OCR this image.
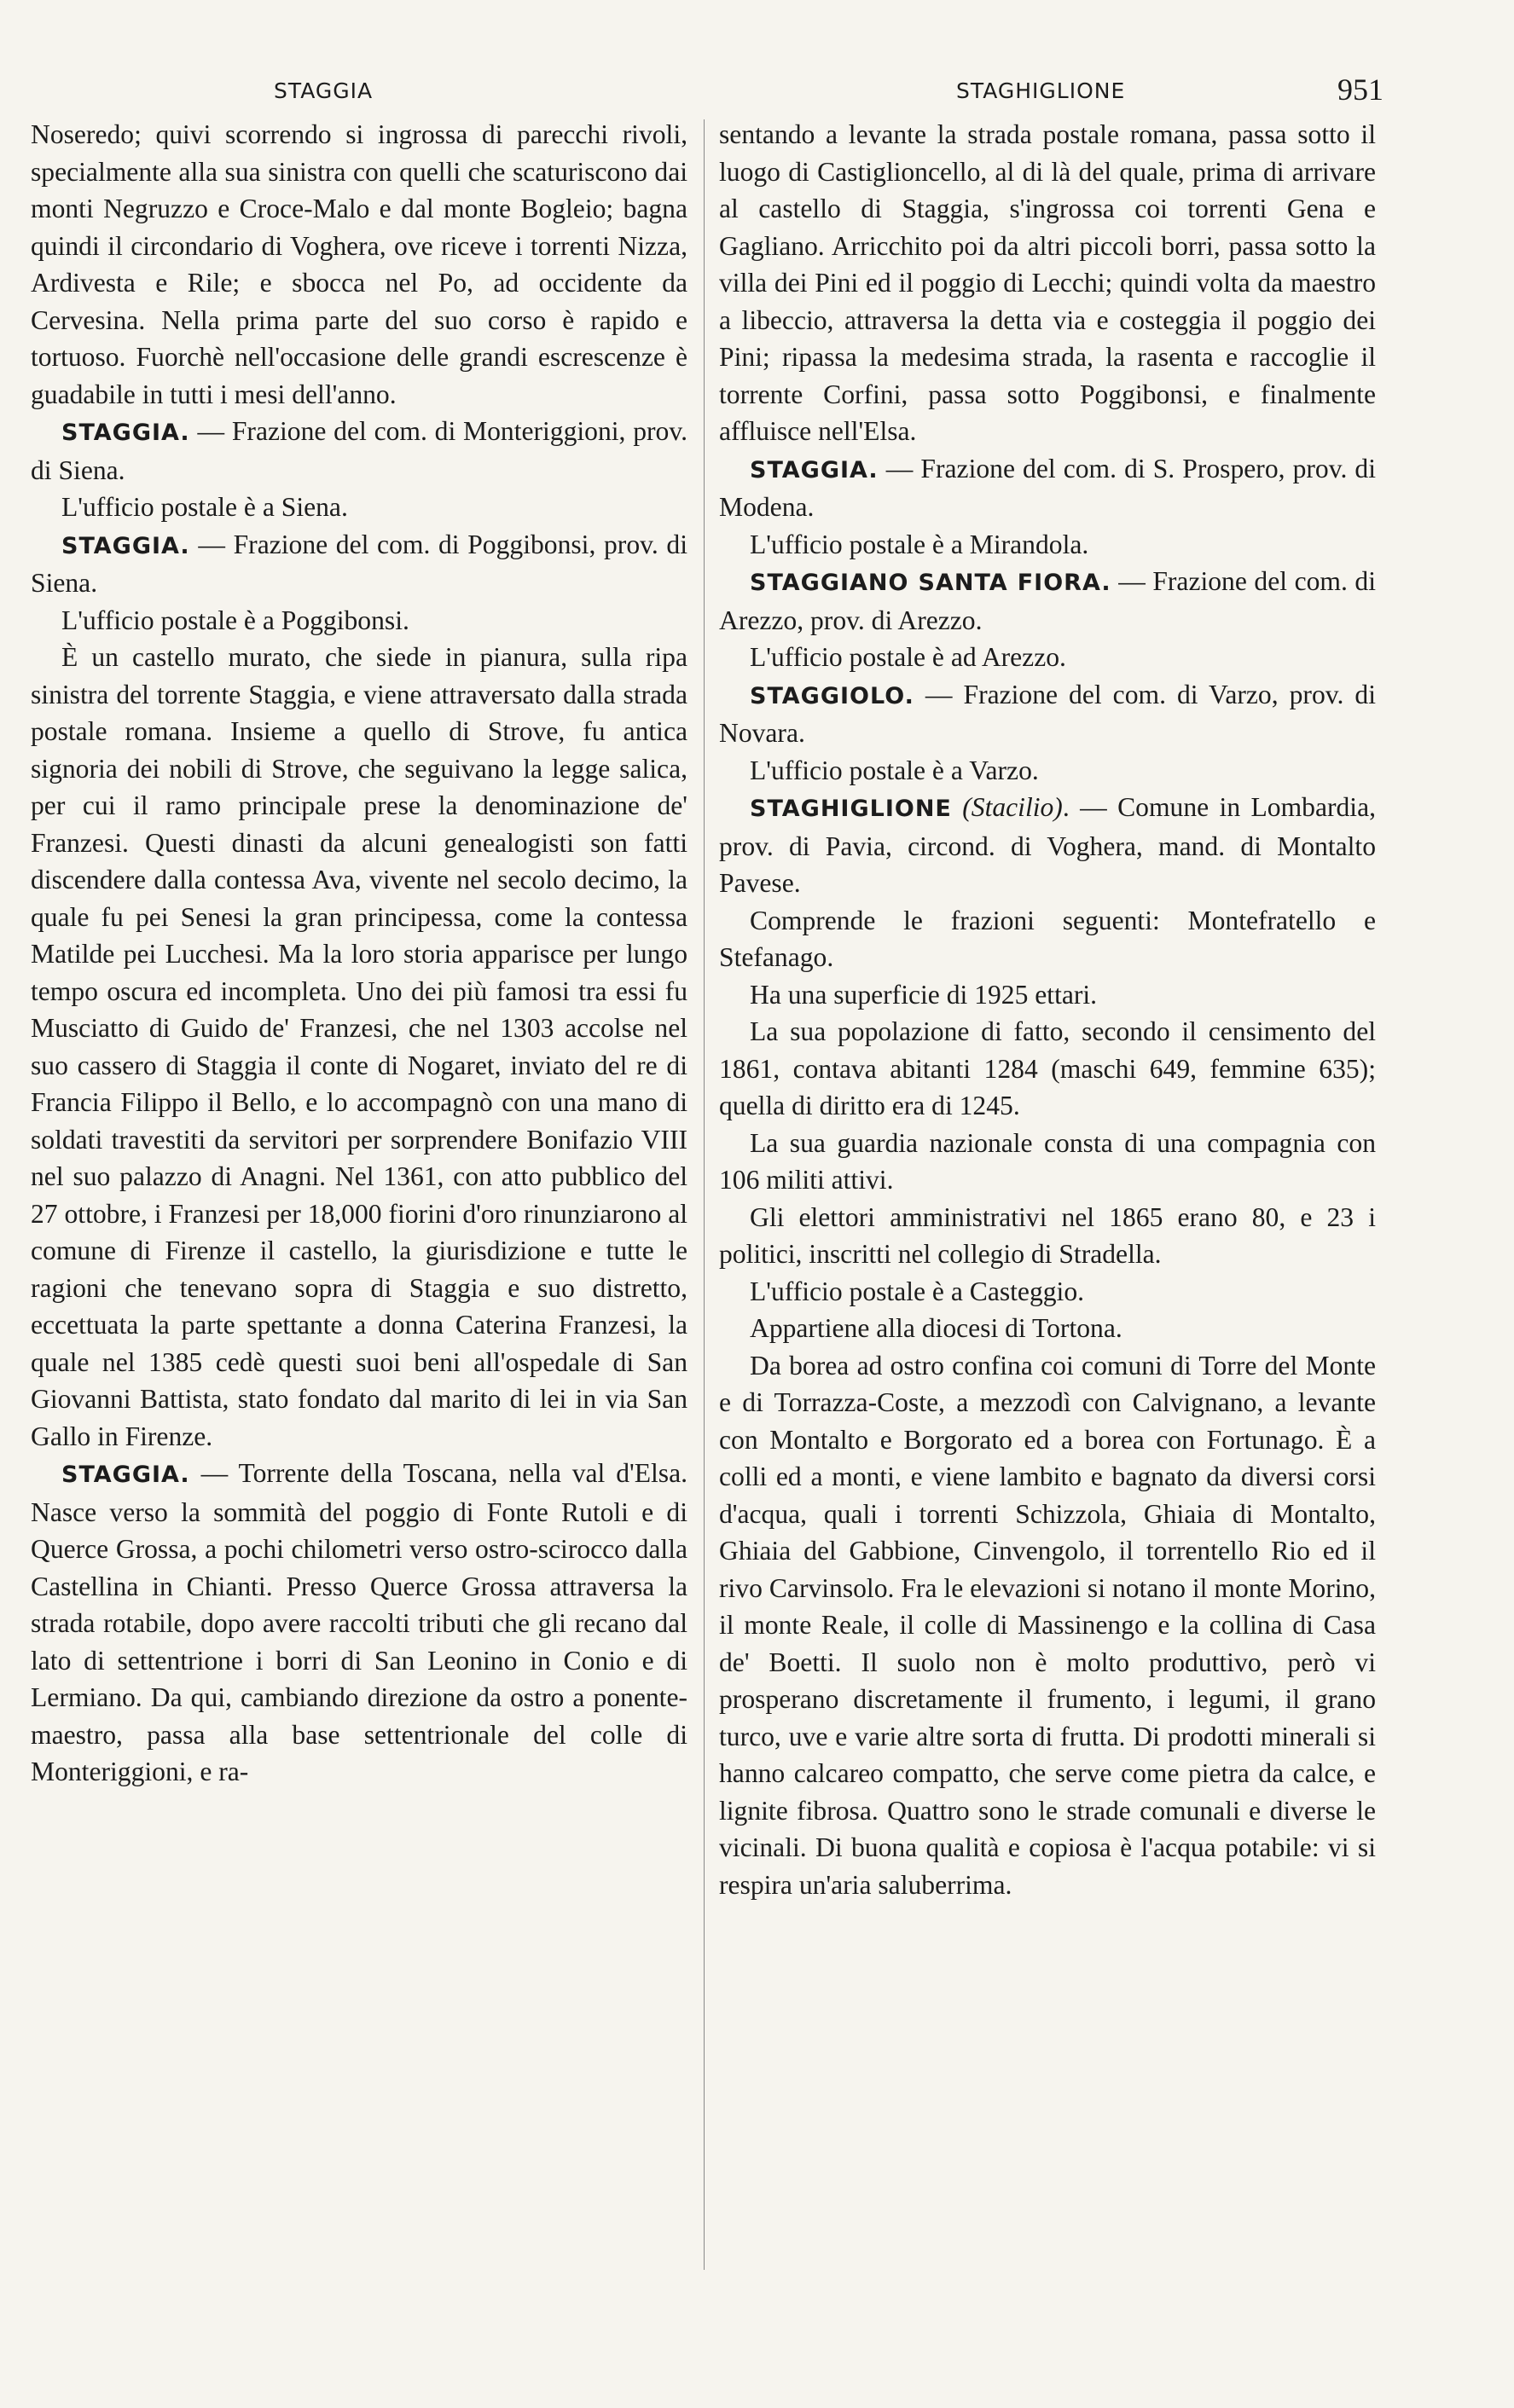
STAGGIA	STAGHIGLIONE	951

Noseredo; quivi scorrendo si ingrossa di parecchi rivoli, specialmente alla sua sinistra con quelli che scaturiscono dai monti Negruzzo e Croce-Malo e dal monte Bogleio; bagna quindi il circondario di Voghera, ove riceve i torrenti Nizza, Ardivesta e Rile; e sbocca nel Po, ad occidente da Cervesina. Nella prima parte del suo corso è rapido e tortuoso. Fuorchè nell'occasione delle grandi escrescenze è guadabile in tutti i mesi dell'anno.

STAGGIA. — Frazione del com. di Monteriggioni, prov. di Siena.

L'ufficio postale è a Siena.

STAGGIA. — Frazione del com. di Poggibonsi, prov. di Siena.

L'ufficio postale è a Poggibonsi.

È un castello murato, che siede in pianura, sulla ripa sinistra del torrente Staggia, e viene attraversato dalla strada postale romana. Insieme a quello di Strove, fu antica signoria dei nobili di Strove, che seguivano la legge salica, per cui il ramo principale prese la denominazione de' Franzesi. Questi dinasti da alcuni genealogisti son fatti discendere dalla contessa Ava, vivente nel secolo decimo, la quale fu pei Senesi la gran principessa, come la contessa Matilde pei Lucchesi. Ma la loro storia apparisce per lungo tempo oscura ed incompleta. Uno dei più famosi tra essi fu Musciatto di Guido de' Franzesi, che nel 1303 accolse nel suo cassero di Staggia il conte di Nogaret, inviato del re di Francia Filippo il Bello, e lo accompagnò con una mano di soldati travestiti da servitori per sorprendere Bonifazio VIII nel suo palazzo di Anagni. Nel 1361, con atto pubblico del 27 ottobre, i Franzesi per 18,000 fiorini d'oro rinunziarono al comune di Firenze il castello, la giurisdizione e tutte le ragioni che tenevano sopra di Staggia e suo distretto, eccettuata la parte spettante a donna Caterina Franzesi, la quale nel 1385 cedè questi suoi beni all'ospedale di San Giovanni Battista, stato fondato dal marito di lei in via San Gallo in Firenze.

STAGGIA. — Torrente della Toscana, nella val d'Elsa. Nasce verso la sommità del poggio di Fonte Rutoli e di Querce Grossa, a pochi chilometri verso ostro-scirocco dalla Castellina in Chianti. Presso Querce Grossa attraversa la strada rotabile, dopo avere raccolti tributi che gli recano dal lato di settentrione i borri di San Leonino in Conio e di Lermiano. Da qui, cambiando direzione da ostro a ponente-maestro, passa alla base settentrionale del colle di Monteriggioni, e ra-

sentando a levante la strada postale romana, passa sotto il luogo di Castiglioncello, al di là del quale, prima di arrivare al castello di Staggia, s'ingrossa coi torrenti Gena e Gagliano. Arricchito poi da altri piccoli borri, passa sotto la villa dei Pini ed il poggio di Lecchi; quindi volta da maestro a libeccio, attraversa la detta via e costeggia il poggio dei Pini; ripassa la medesima strada, la rasenta e raccoglie il torrente Corfini, passa sotto Poggibonsi, e finalmente affluisce nell'Elsa.

STAGGIA. — Frazione del com. di S. Prospero, prov. di Modena.

L'ufficio postale è a Mirandola.

STAGGIANO SANTA FIORA. — Frazione del com. di Arezzo, prov. di Arezzo.

L'ufficio postale è ad Arezzo.

STAGGIOLO. — Frazione del com. di Varzo, prov. di Novara.

L'ufficio postale è a Varzo.

STAGHIGLIONE (Stacilio). — Comune in Lombardia, prov. di Pavia, circond. di Voghera, mand. di Montalto Pavese.

Comprende le frazioni seguenti: Montefratello e Stefanago.

Ha una superficie di 1925 ettari.

La sua popolazione di fatto, secondo il censimento del 1861, contava abitanti 1284 (maschi 649, femmine 635); quella di diritto era di 1245.

La sua guardia nazionale consta di una compagnia con 106 militi attivi.

Gli elettori amministrativi nel 1865 erano 80, e 23 i politici, inscritti nel collegio di Stradella.

L'ufficio postale è a Casteggio.

Appartiene alla diocesi di Tortona.

Da borea ad ostro confina coi comuni di Torre del Monte e di Torrazza-Coste, a mezzodì con Calvignano, a levante con Montalto e Borgorato ed a borea con Fortunago. È a colli ed a monti, e viene lambito e bagnato da diversi corsi d'acqua, quali i torrenti Schizzola, Ghiaia di Montalto, Ghiaia del Gabbione, Cinvengolo, il torrentello Rio ed il rivo Carvinsolo. Fra le elevazioni si notano il monte Morino, il monte Reale, il colle di Massinengo e la collina di Casa de' Boetti. Il suolo non è molto produttivo, però vi prosperano discretamente il frumento, i legumi, il grano turco, uve e varie altre sorta di frutta. Di prodotti minerali si hanno calcareo compatto, che serve come pietra da calce, e lignite fibrosa. Quattro sono le strade comunali e diverse le vicinali. Di buona qualità e copiosa è l'acqua potabile: vi si respira un'aria saluberrima.
